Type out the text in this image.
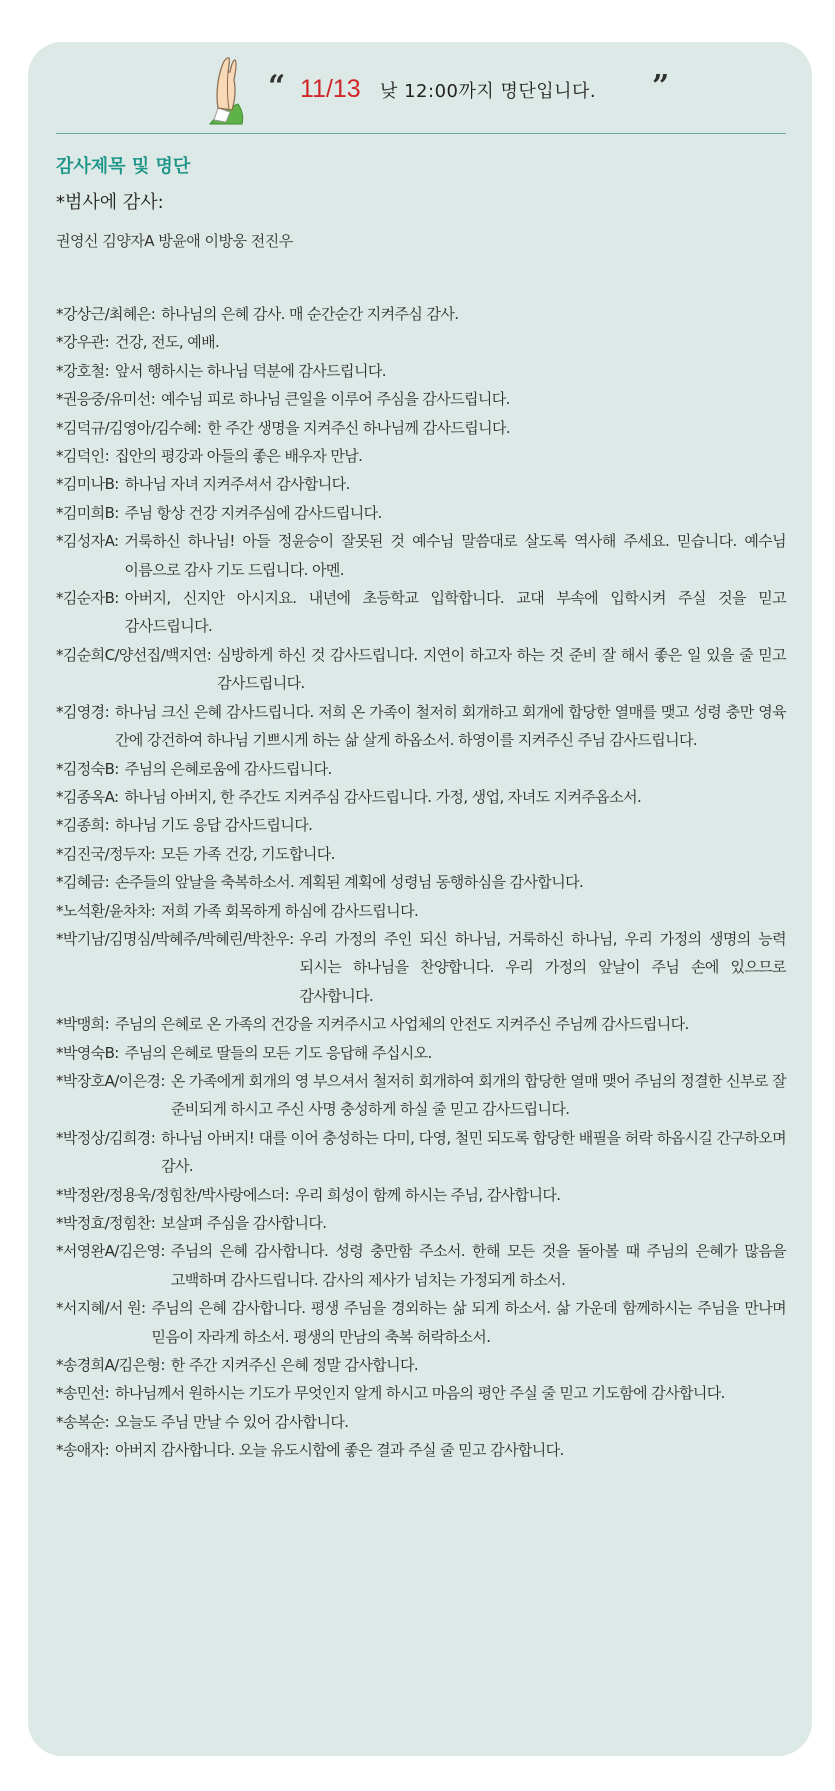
“ 11/13 낮 12:00까지 명단입니다. ”
감사제목 및 명단
*범사에 감사:
권영신 김양자A 방윤애 이방웅 전진우
*강상근/최혜은: 하나님의 은혜 감사. 매 순간순간 지켜주심 감사.
*강우관: 건강, 전도, 예배.
*강호철: 앞서 행하시는 하나님 덕분에 감사드립니다.
*권응중/유미선: 예수님 피로 하나님 큰일을 이루어 주심을 감사드립니다.
*김덕규/김영아/김수혜: 한 주간 생명을 지켜주신 하나님께 감사드립니다.
*김덕인: 집안의 평강과 아들의 좋은 배우자 만남.
*김미나B: 하나님 자녀 지켜주셔서 감사합니다.
*김미희B: 주님 항상 건강 지켜주심에 감사드립니다.
*김성자A: 거룩하신 하나님! 아들 정윤승이 잘못된 것 예수님 말씀대로 살도록 역사해 주세요. 믿습니다. 예수님 이름으로 감사 기도 드립니다. 아멘.
*김순자B: 아버지, 신지안 아시지요. 내년에 초등학교 입학합니다. 교대 부속에 입학시켜 주실 것을 믿고 감사드립니다.
*김순희C/양선집/백지연: 심방하게 하신 것 감사드립니다. 지연이 하고자 하는 것 준비 잘 해서 좋은 일 있을 줄 믿고 감사드립니다.
*김영경: 하나님 크신 은혜 감사드립니다. 저희 온 가족이 철저히 회개하고 회개에 합당한 열매를 맺고 성령 충만 영육 간에 강건하여 하나님 기쁘시게 하는 삶 살게 하옵소서. 하영이를 지켜주신 주님 감사드립니다.
*김정숙B: 주님의 은혜로움에 감사드립니다.
*김종옥A: 하나님 아버지, 한 주간도 지켜주심 감사드립니다. 가정, 생업, 자녀도 지켜주옵소서.
*김종희: 하나님 기도 응답 감사드립니다.
*김진국/정두자: 모든 가족 건강, 기도합니다.
*김혜금: 손주들의 앞날을 축복하소서. 계획된 계획에 성령님 동행하심을 감사합니다.
*노석환/윤차차: 저희 가족 회목하게 하심에 감사드립니다.
*박기남/김명심/박혜주/박혜린/박찬우: 우리 가정의 주인 되신 하나님, 거룩하신 하나님, 우리 가정의 생명의 능력 되시는 하나님을 찬양합니다. 우리 가정의 앞날이 주님 손에 있으므로 감사합니다.
*박맹희: 주님의 은혜로 온 가족의 건강을 지켜주시고 사업체의 안전도 지켜주신 주님께 감사드립니다.
*박영숙B: 주님의 은혜로 딸들의 모든 기도 응답해 주십시오.
*박장호A/이은경: 온 가족에게 회개의 영 부으셔서 철저히 회개하여 회개의 합당한 열매 맺어 주님의 정결한 신부로 잘 준비되게 하시고 주신 사명 충성하게 하실 줄 믿고 감사드립니다.
*박정상/김희경: 하나님 아버지! 대를 이어 충성하는 다미, 다영, 철민 되도록 합당한 배필을 허락 하옵시길 간구하오며 감사.
*박정완/정용욱/정힘찬/박사랑에스더: 우리 희성이 함께 하시는 주님, 감사합니다.
*박정효/정힘찬: 보살펴 주심을 감사합니다.
*서영완A/김은영: 주님의 은혜 감사합니다. 성령 충만함 주소서. 한해 모든 것을 돌아볼 때 주님의 은혜가 많음을 고백하며 감사드립니다. 감사의 제사가 넘치는 가정되게 하소서.
*서지혜/서 원: 주님의 은혜 감사합니다. 평생 주님을 경외하는 삶 되게 하소서. 삶 가운데 함께하시는 주님을 만나며 믿음이 자라게 하소서. 평생의 만남의 축복 허락하소서.
*송경희A/김은형: 한 주간 지켜주신 은혜 정말 감사합니다.
*송민선: 하나님께서 원하시는 기도가 무엇인지 알게 하시고 마음의 평안 주실 줄 믿고 기도함에 감사합니다.
*송복순: 오늘도 주님 만날 수 있어 감사합니다.
*송애자: 아버지 감사합니다. 오늘 유도시합에 좋은 결과 주실 줄 믿고 감사합니다.
